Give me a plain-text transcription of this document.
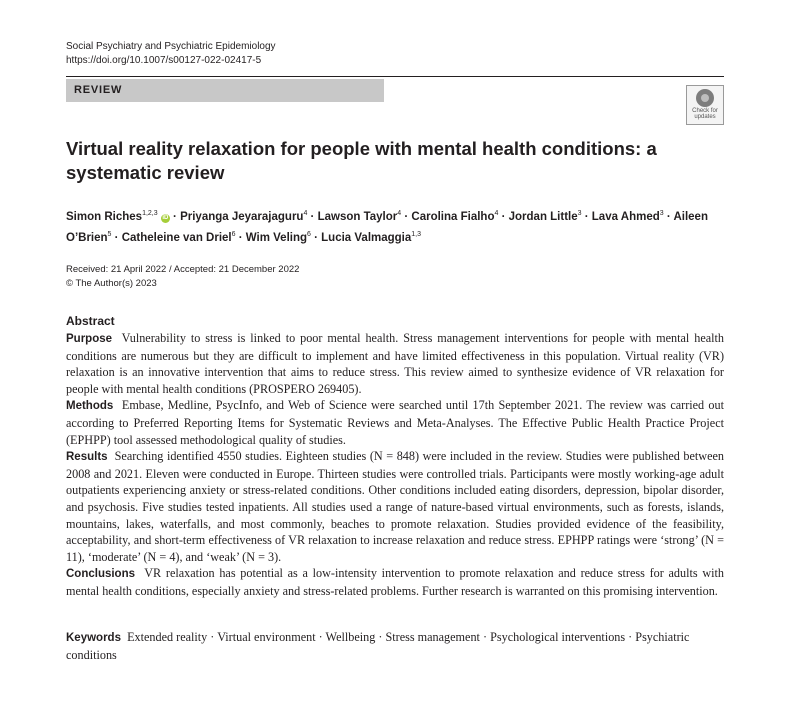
Social Psychiatry and Psychiatric Epidemiology
https://doi.org/10.1007/s00127-022-02417-5
REVIEW
Check for
updates
Virtual reality relaxation for people with mental health conditions: a systematic review
Simon Riches$^{1,2,3}$ iD · Priyanga Jeyarajaguru$^4$ · Lawson Taylor$^4$ · Carolina Fialho$^4$ · Jordan Little$^3$ · Lava Ahmed$^3$ · Aileen O’Brien$^5$ · Catheleine van Driel$^6$ · Wim Veling$^6$ · Lucia Valmaggia$^{1,3}$
Received: 21 April 2022 / Accepted: 21 December 2022
© The Author(s) 2023
Abstract

Purpose Vulnerability to stress is linked to poor mental health. Stress management interventions for people with mental health conditions are numerous but they are difficult to implement and have limited effectiveness in this population. Virtual reality (VR) relaxation is an innovative intervention that aims to reduce stress. This review aimed to synthesize evidence of VR relaxation for people with mental health conditions (PROSPERO 269405).

Methods Embase, Medline, PsycInfo, and Web of Science were searched until 17th September 2021. The review was carried out according to Preferred Reporting Items for Systematic Reviews and Meta-Analyses. The Effective Public Health Practice Project (EPHPP) tool assessed methodological quality of studies.

Results Searching identified 4550 studies. Eighteen studies (N = 848) were included in the review. Studies were published between 2008 and 2021. Eleven were conducted in Europe. Thirteen studies were controlled trials. Participants were mostly working-age adult outpatients experiencing anxiety or stress-related conditions. Other conditions included eating disorders, depression, bipolar disorder, and psychosis. Five studies tested inpatients. All studies used a range of nature-based virtual environments, such as forests, islands, mountains, lakes, waterfalls, and most commonly, beaches to promote relaxation. Studies provided evidence of the feasibility, acceptability, and short-term effectiveness of VR relaxation to increase relaxation and reduce stress. EPHPP ratings were ‘strong’ (N = 11), ‘moderate’ (N = 4), and ‘weak’ (N = 3).

Conclusions VR relaxation has potential as a low-intensity intervention to promote relaxation and reduce stress for adults with mental health conditions, especially anxiety and stress-related problems. Further research is warranted on this promising intervention.

Keywords Extended reality · Virtual environment · Wellbeing · Stress management · Psychological interventions · Psychiatric conditions
